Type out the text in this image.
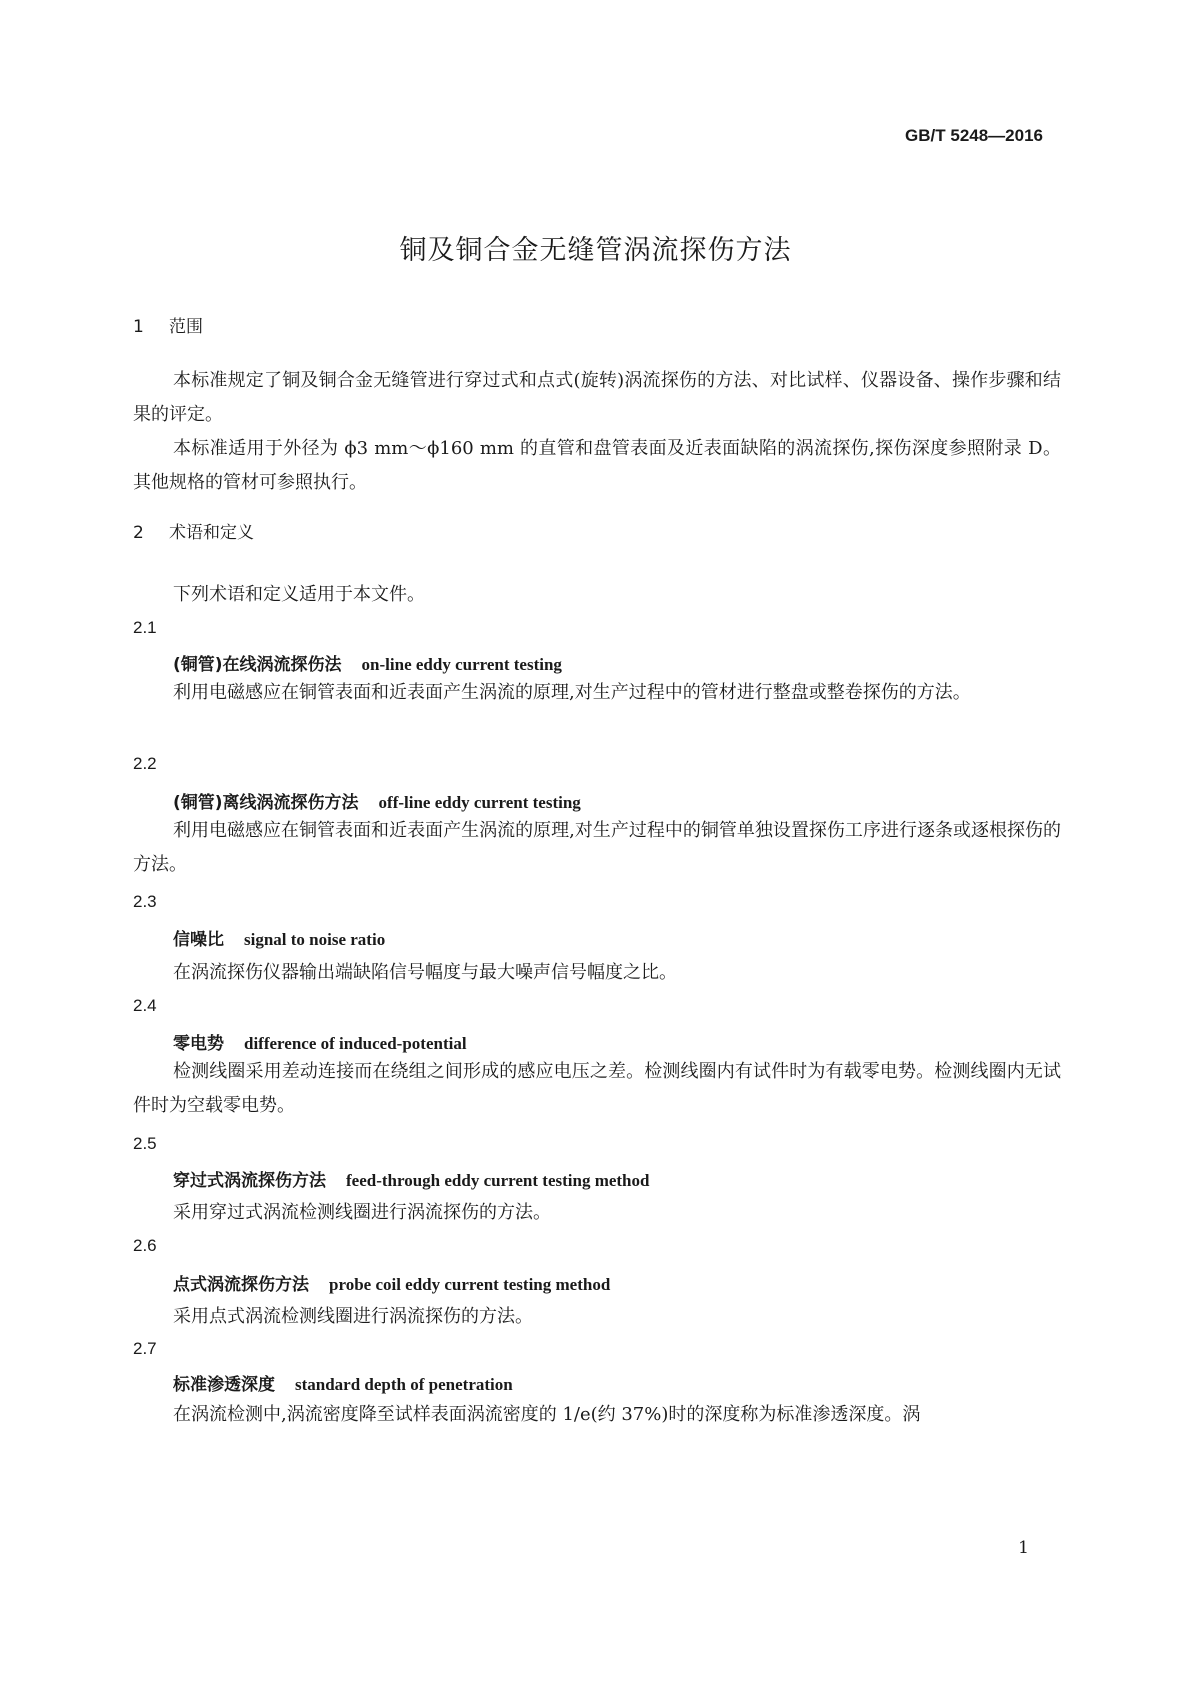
GB/T 5248—2016
铜及铜合金无缝管涡流探伤方法
1 范围
本标准规定了铜及铜合金无缝管进行穿过式和点式(旋转)涡流探伤的方法、对比试样、仪器设备、操作步骤和结果的评定。
本标准适用于外径为 ϕ3 mm～ϕ160 mm 的直管和盘管表面及近表面缺陷的涡流探伤,探伤深度参照附录 D。其他规格的管材可参照执行。
2 术语和定义
下列术语和定义适用于本文件。
2.1
(铜管)在线涡流探伤法 on-line eddy current testing
利用电磁感应在铜管表面和近表面产生涡流的原理,对生产过程中的管材进行整盘或整卷探伤的方法。
2.2
(铜管)离线涡流探伤方法 off-line eddy current testing
利用电磁感应在铜管表面和近表面产生涡流的原理,对生产过程中的铜管单独设置探伤工序进行逐条或逐根探伤的方法。
2.3
信噪比 signal to noise ratio
在涡流探伤仪器输出端缺陷信号幅度与最大噪声信号幅度之比。
2.4
零电势 difference of induced-potential
检测线圈采用差动连接而在绕组之间形成的感应电压之差。检测线圈内有试件时为有载零电势。检测线圈内无试件时为空载零电势。
2.5
穿过式涡流探伤方法 feed-through eddy current testing method
采用穿过式涡流检测线圈进行涡流探伤的方法。
2.6
点式涡流探伤方法 probe coil eddy current testing method
采用点式涡流检测线圈进行涡流探伤的方法。
2.7
标准渗透深度 standard depth of penetration
在涡流检测中,涡流密度降至试样表面涡流密度的 1/e(约 37%)时的深度称为标准渗透深度。涡
1
